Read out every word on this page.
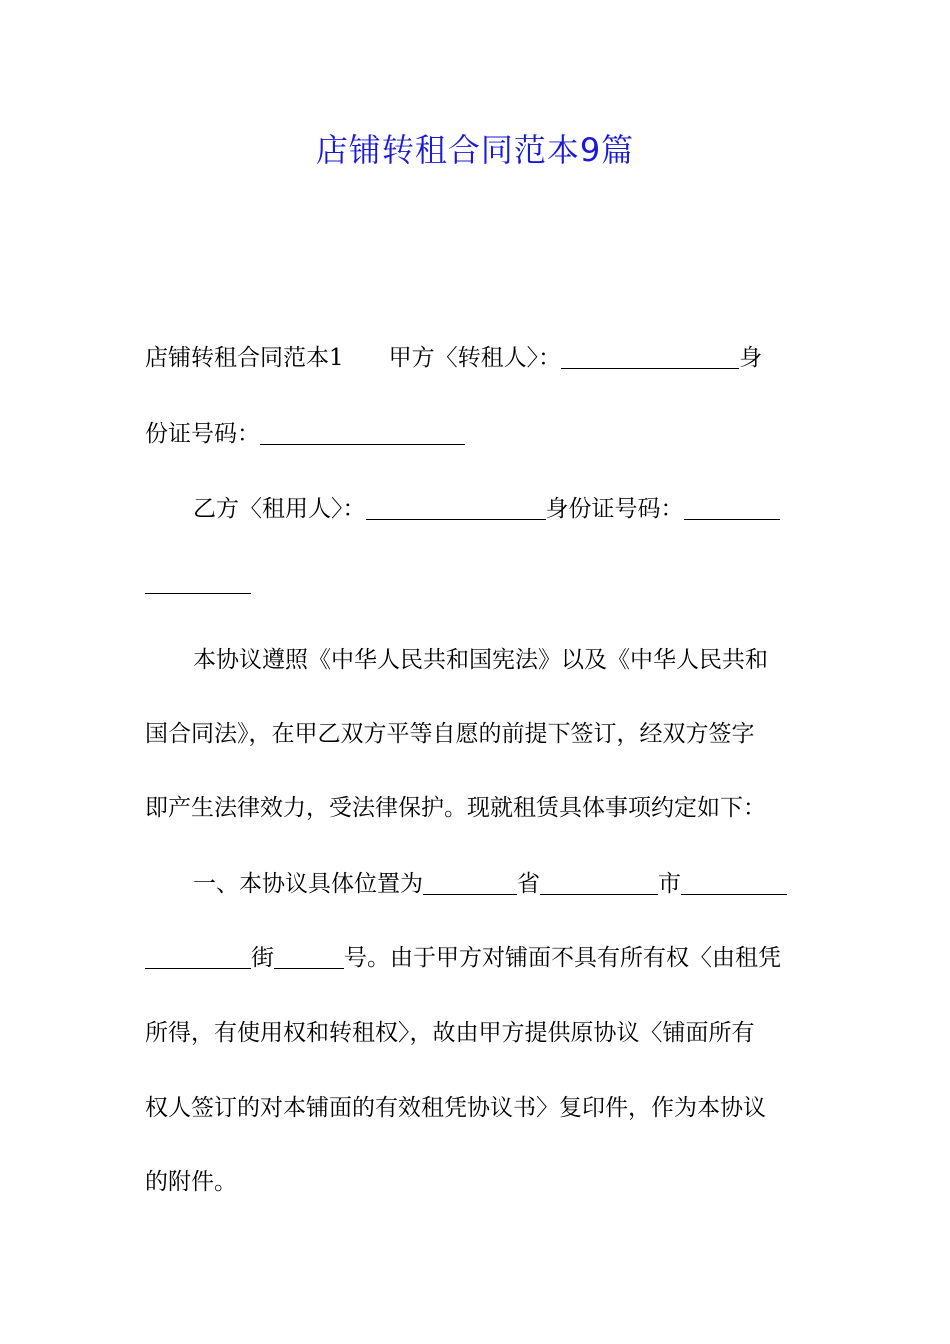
店铺转租合同范本9篇
店铺转租合同范本1 甲方〈转租人〉：	身
份证号码：
乙方〈租用人〉：	身份证号码：
本协议遵照《中华人民共和国宪法》以及《中华人民共和
国合同法》，在甲乙双方平等自愿的前提下签订，经双方签字
即产生法律效力，受法律保护。现就租赁具体事项约定如下：
一、本协议具体位置为	省	市
街	号。由于甲方对铺面不具有所有权〈由租凭
所得，有使用权和转租权〉，故由甲方提供原协议〈铺面所有
权人签订的对本铺面的有效租凭协议书〉复印件，作为本协议
的附件。
